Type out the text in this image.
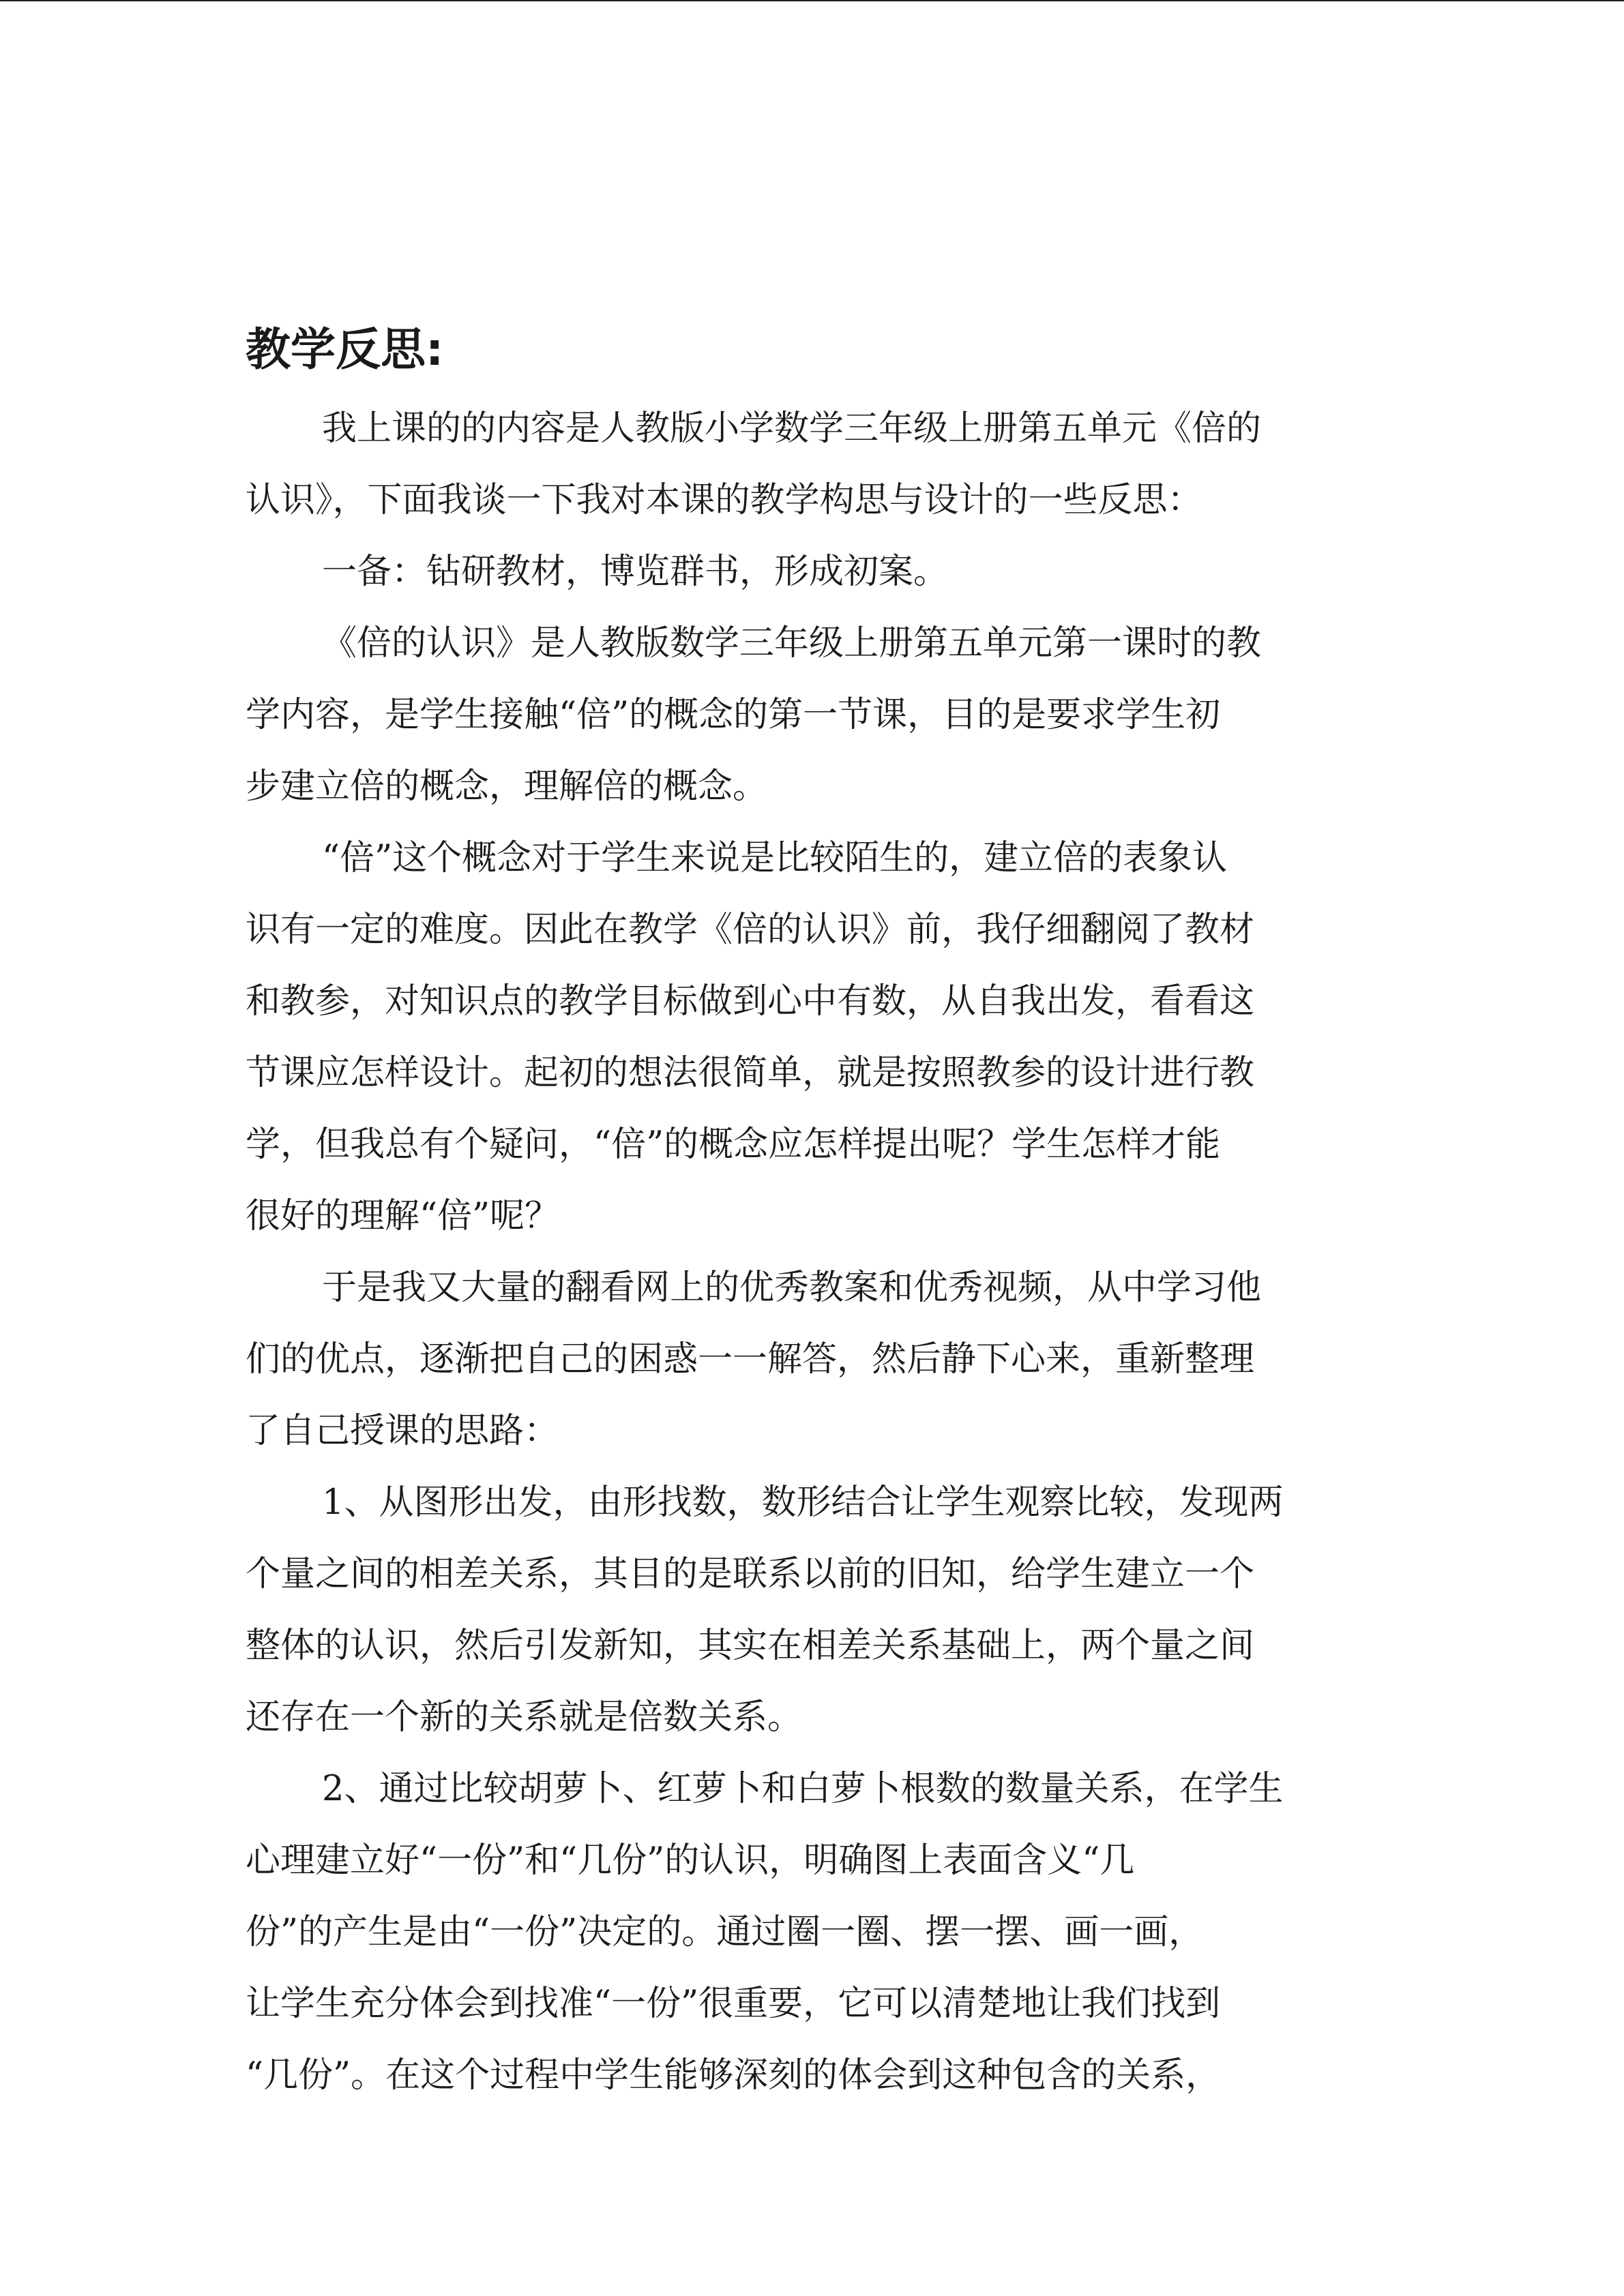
教学反思:
我上课的的内容是人教版小学数学三年级上册第五单元《倍的
认识》，下面我谈一下我对本课的教学构思与设计的一些反思：
一备：钻研教材，博览群书，形成初案。
《倍的认识》是人教版数学三年级上册第五单元第一课时的教
学内容，是学生接触“倍”的概念的第一节课，目的是要求学生初
步建立倍的概念，理解倍的概念。
“倍”这个概念对于学生来说是比较陌生的，建立倍的表象认
识有一定的难度。因此在教学《倍的认识》前，我仔细翻阅了教材
和教参，对知识点的教学目标做到心中有数，从自我出发，看看这
节课应怎样设计。起初的想法很简单，就是按照教参的设计进行教
学，但我总有个疑问，“倍”的概念应怎样提出呢？学生怎样才能
很好的理解“倍”呢？
于是我又大量的翻看网上的优秀教案和优秀视频，从中学习他
们的优点，逐渐把自己的困惑一一解答，然后静下心来，重新整理
了自己授课的思路：
1、从图形出发，由形找数，数形结合让学生观察比较，发现两
个量之间的相差关系，其目的是联系以前的旧知，给学生建立一个
整体的认识，然后引发新知，其实在相差关系基础上，两个量之间
还存在一个新的关系就是倍数关系。
2、通过比较胡萝卜、红萝卜和白萝卜根数的数量关系，在学生
心理建立好“一份”和“几份”的认识，明确图上表面含义“几
份”的产生是由“一份”决定的。通过圈一圈、摆一摆、画一画，
让学生充分体会到找准“一份”很重要，它可以清楚地让我们找到
“几份”。在这个过程中学生能够深刻的体会到这种包含的关系，
